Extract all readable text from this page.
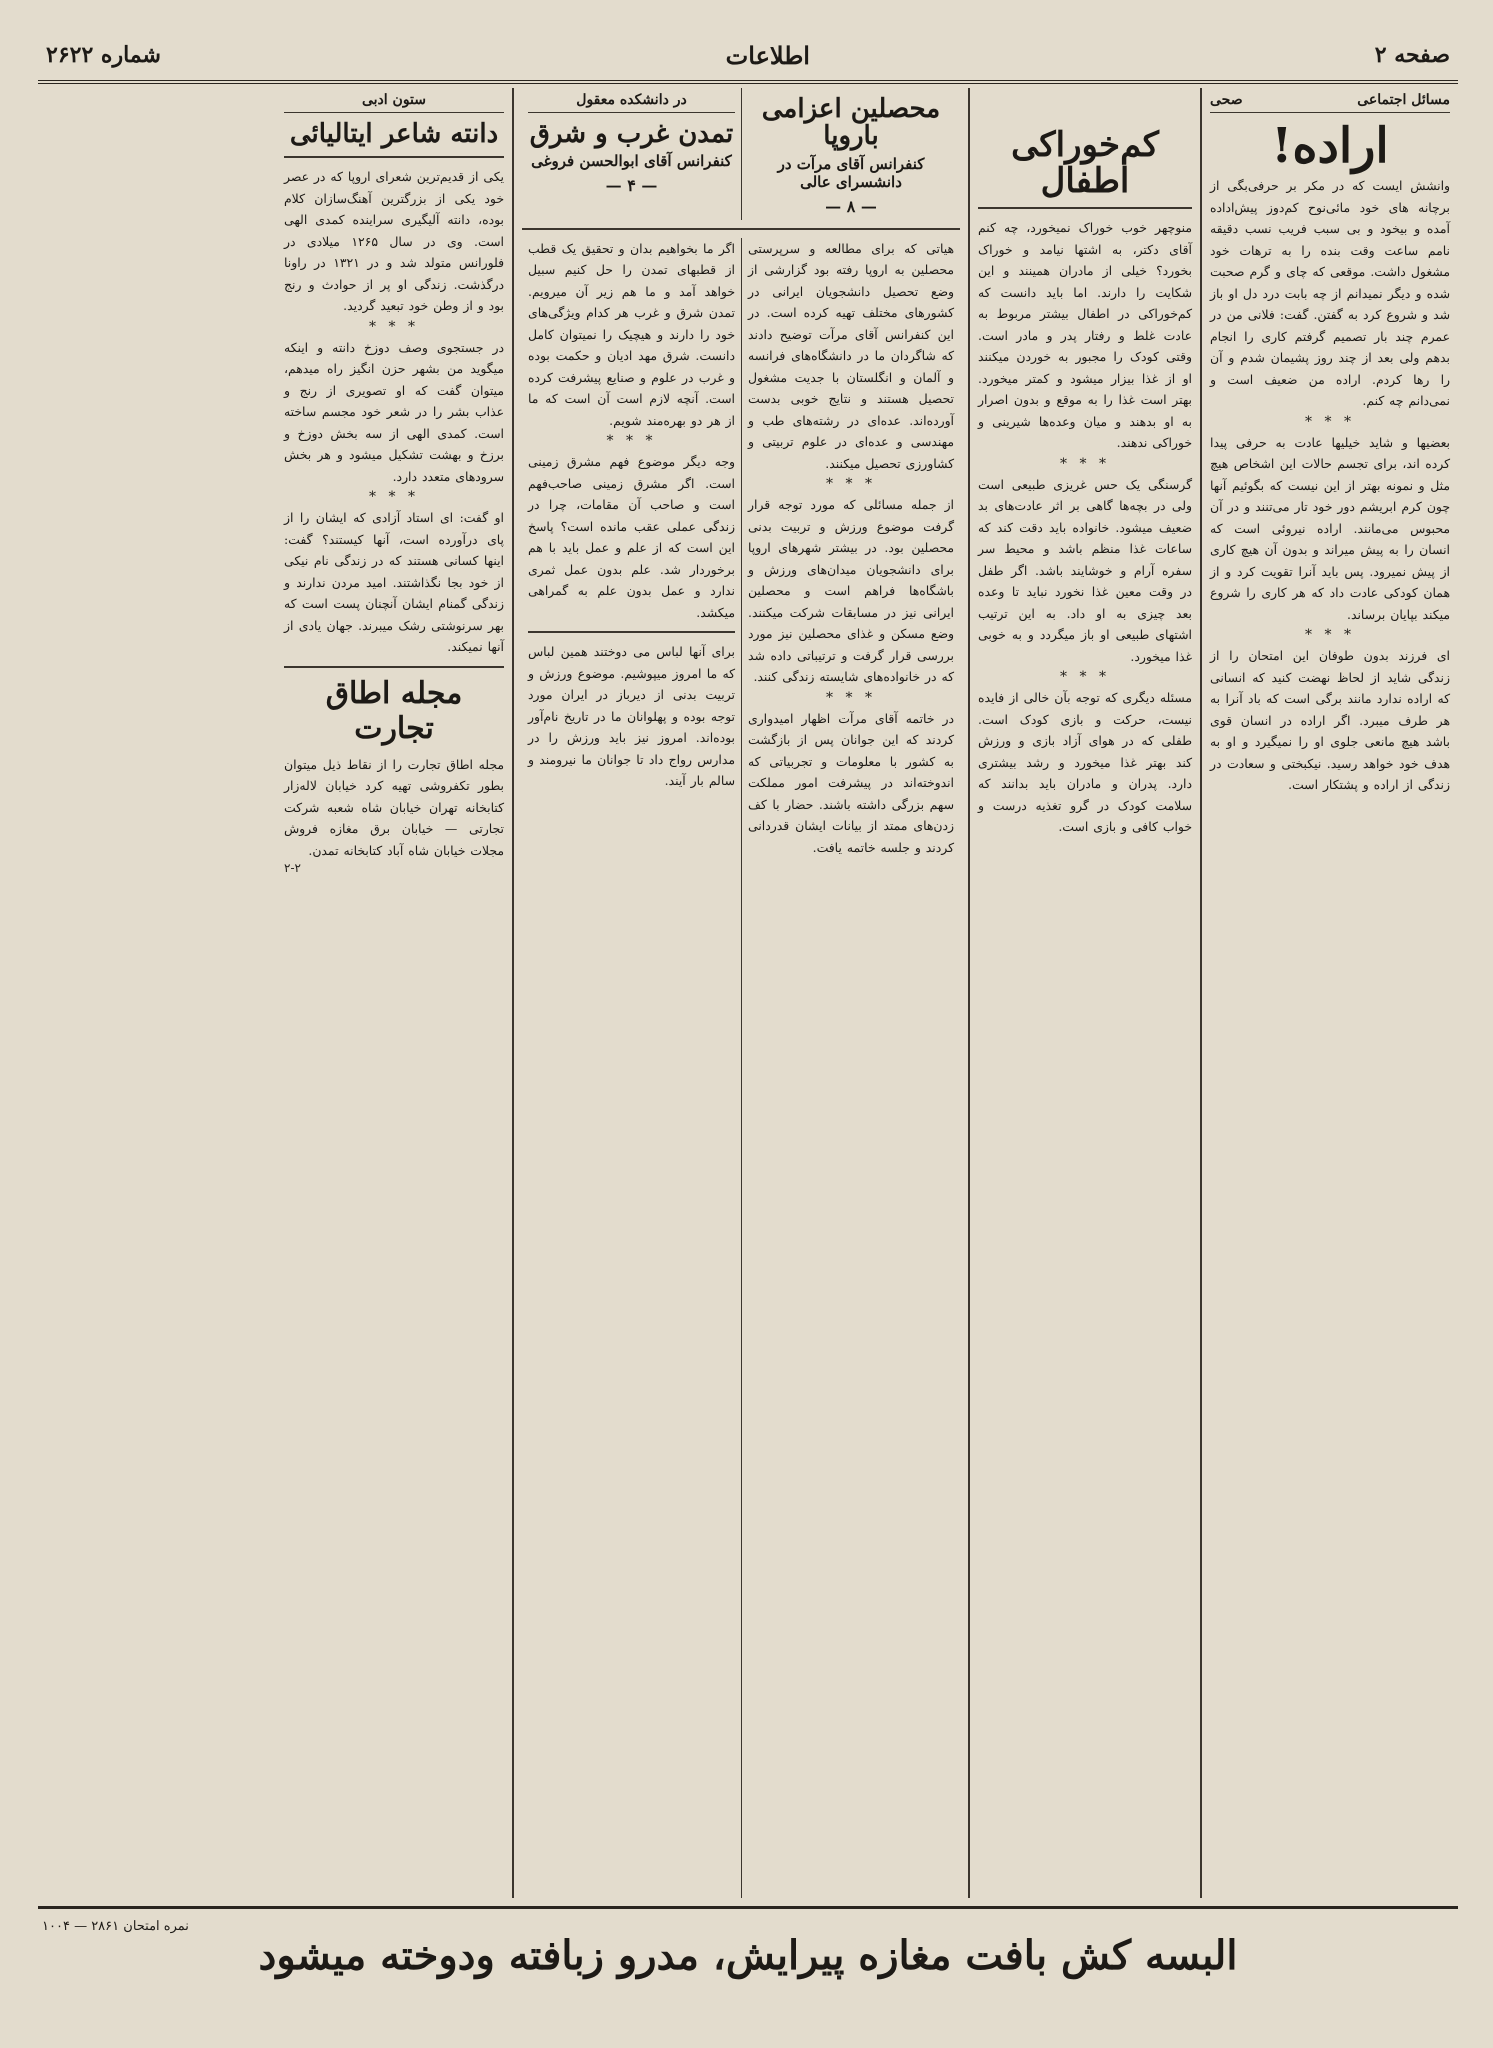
صفحه ۲
اطلاعات
شماره ۲۶۲۲
مسائل اجتماعی
صحی
اراده!

وانشش ایست که در مکر بر حرفی‌بگی از برچانه های خود مائی‌نوح کم‌دوز پیش‌اداده آمده و بیخود و بی سبب فریب نسب دقیقه نامم ساعت وقت بنده را به ترهات خود مشغول داشت. موقعی که چای و گرم صحبت شده و دیگر نمیدانم از چه بابت درد دل او باز شد و شروع کرد به گفتن. گفت: فلانی من در عمرم چند بار تصمیم گرفتم کاری را انجام بدهم ولی بعد از چند روز پشیمان شدم و آن را رها کردم. اراده من ضعیف است و نمی‌دانم چه کنم.

* * *

بعضیها و شاید خیلیها عادت به حرفی پیدا کرده اند، برای تجسم حالات این اشخاص هیچ مثل و نمونه بهتر از این نیست که بگوئیم آنها چون کرم ابریشم دور خود تار می‌تنند و در آن محبوس می‌مانند. اراده نیروئی است که انسان را به پیش میراند و بدون آن هیچ کاری از پیش نمیرود. پس باید آنرا تقویت کرد و از همان کودکی عادت داد که هر کاری را شروع میکند بپایان برساند.

* * *

ای فرزند بدون طوفان این امتحان را از زندگی شاید از لحاظ نهضت کنید که انسانی که اراده ندارد مانند برگی است که باد آنرا به هر طرف میبرد. اگر اراده در انسان قوی باشد هیچ مانعی جلوی او را نمیگیرد و او به هدف خود خواهد رسید. نیکبختی و سعادت در زندگی از اراده و پشتکار است.

کم‌خوراکی اطفال

منوچهر خوب خوراک نمیخورد، چه کنم آقای دکتر، به اشتها نیامد و خوراک بخورد؟ خیلی از مادران همینند و این شکایت را دارند. اما باید دانست که کم‌خوراکی در اطفال بیشتر مربوط به عادت غلط و رفتار پدر و مادر است. وقتی کودک را مجبور به خوردن میکنند او از غذا بیزار میشود و کمتر میخورد. بهتر است غذا را به موقع و بدون اصرار به او بدهند و میان وعده‌ها شیرینی و خوراکی ندهند.

* * *

گرسنگی یک حس غریزی طبیعی است ولی در بچه‌ها گاهی بر اثر عادت‌های بد ضعیف میشود. خانواده باید دقت کند که ساعات غذا منظم باشد و محیط سر سفره آرام و خوشایند باشد. اگر طفل در وقت معین غذا نخورد نباید تا وعده بعد چیزی به او داد. به این ترتیب اشتهای طبیعی او باز میگردد و به خوبی غذا میخورد.

* * *

مسئله دیگری که توجه بآن خالی از فایده نیست، حرکت و بازی کودک است. طفلی که در هوای آزاد بازی و ورزش کند بهتر غذا میخورد و رشد بیشتری دارد. پدران و مادران باید بدانند که سلامت کودک در گرو تغذیه درست و خواب کافی و بازی است.

محصلین اعزامی باروپا
کنفرانس آقای مرآت در دانشسرای عالی
— ۸ —
در دانشکده معقول
تمدن غرب و شرق
کنفرانس آقای ابوالحسن فروغی
— ۴ —

هیاتی که برای مطالعه و سرپرستی محصلین به اروپا رفته بود گزارشی از وضع تحصیل دانشجویان ایرانی در کشورهای مختلف تهیه کرده است. در این کنفرانس آقای مرآت توضیح دادند که شاگردان ما در دانشگاه‌های فرانسه و آلمان و انگلستان با جدیت مشغول تحصیل هستند و نتایج خوبی بدست آورده‌اند. عده‌ای در رشته‌های طب و مهندسی و عده‌ای در علوم تربیتی و کشاورزی تحصیل میکنند.

* * *

از جمله مسائلی که مورد توجه قرار گرفت موضوع ورزش و تربیت بدنی محصلین بود. در بیشتر شهرهای اروپا برای دانشجویان میدان‌های ورزش و باشگاه‌ها فراهم است و محصلین ایرانی نیز در مسابقات شرکت میکنند. وضع مسکن و غذای محصلین نیز مورد بررسی قرار گرفت و ترتیباتی داده شد که در خانواده‌های شایسته زندگی کنند.

* * *

در خاتمه آقای مرآت اظهار امیدواری کردند که این جوانان پس از بازگشت به کشور با معلومات و تجربیاتی که اندوخته‌اند در پیشرفت امور مملکت سهم بزرگی داشته باشند. حضار با کف زدن‌های ممتد از بیانات ایشان قدردانی کردند و جلسه خاتمه یافت.

اگر ما بخواهیم بدان و تحقیق یک قطب از قطبهای تمدن را حل کنیم سبیل خواهد آمد و ما هم زیر آن میرویم. تمدن شرق و غرب هر کدام ویژگی‌های خود را دارند و هیچیک را نمیتوان کامل دانست. شرق مهد ادیان و حکمت بوده و غرب در علوم و صنایع پیشرفت کرده است. آنچه لازم است آن است که ما از هر دو بهره‌مند شویم.

* * *

وجه دیگر موضوع فهم مشرق زمینی است. اگر مشرق زمینی صاحب‌فهم است و صاحب آن مقامات، چرا در زندگی عملی عقب مانده است؟ پاسخ این است که از علم و عمل باید با هم برخوردار شد. علم بدون عمل ثمری ندارد و عمل بدون علم به گمراهی میکشد.

برای آنها لباس می دوختند همین لباس که ما امروز میپوشیم. موضوع ورزش و تربیت بدنی از دیرباز در ایران مورد توجه بوده و پهلوانان ما در تاریخ نام‌آور بوده‌اند. امروز نیز باید ورزش را در مدارس رواج داد تا جوانان ما نیرومند و سالم بار آیند.

ستون ادبی
دانته شاعر ایتالیائی

یکی از قدیم‌ترین شعرای اروپا که در عصر خود یکی از بزرگترین آهنگ‌سازان کلام بوده، دانته آلیگیری سراینده کمدی الهی است. وی در سال ۱۲۶۵ میلادی در فلورانس متولد شد و در ۱۳۲۱ در راونا درگذشت. زندگی او پر از حوادث و رنج بود و از وطن خود تبعید گردید.

* * *

در جستجوی وصف دوزخ دانته و اینکه میگوید من بشهر حزن انگیز راه میدهم، میتوان گفت که او تصویری از رنج و عذاب بشر را در شعر خود مجسم ساخته است. کمدی الهی از سه بخش دوزخ و برزخ و بهشت تشکیل میشود و هر بخش سرودهای متعدد دارد.

* * *

او گفت: ای استاد آزادی که ایشان را از پای درآورده است، آنها کیستند؟ گفت: اینها کسانی هستند که در زندگی نام نیکی از خود بجا نگذاشتند. امید مردن ندارند و زندگی گمنام ایشان آنچنان پست است که بهر سرنوشتی رشک میبرند. جهان یادی از آنها نمیکند.

مجله اطاق تجارت

مجله اطاق تجارت را از نقاط ذیل میتوان بطور تکفروشی تهیه کرد خیابان لاله‌زار کتابخانه تهران خیابان شاه شعبه شرکت تجارتی — خیابان برق مغازه فروش مجلات خیابان شاه آباد کتابخانه تمدن.

۲-۲
البسه کش بافت مغازه پیرایش، مدرو زبافته ودوخته میشود
نمره امتحان ۲۸۶۱ — ۱۰۰۴
